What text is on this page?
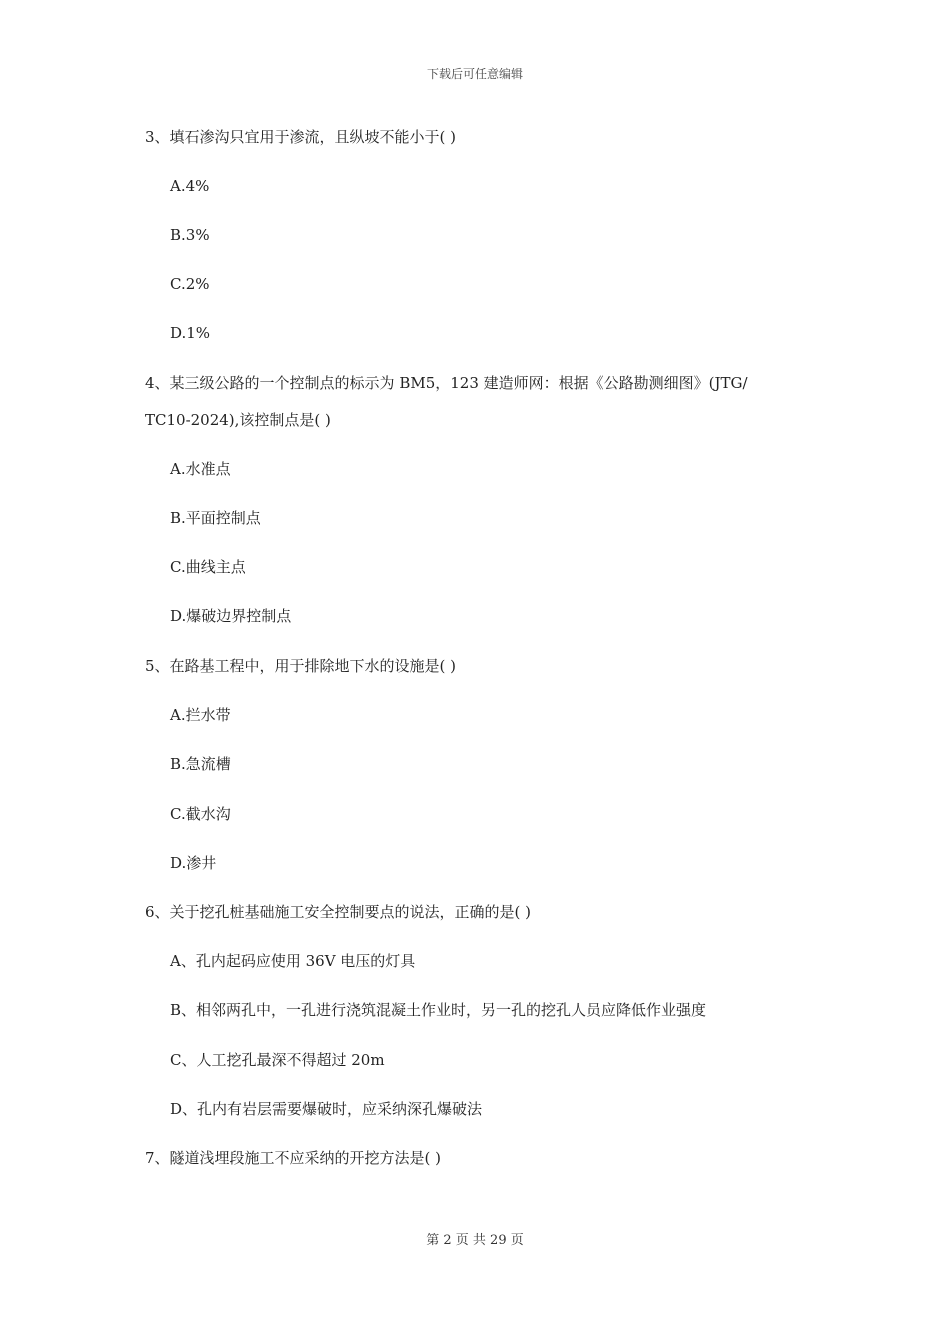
下载后可任意编辑
3、填石渗沟只宜用于渗流，且纵坡不能小于( )
A.4%
B.3%
C.2%
D.1%
4、某三级公路的一个控制点的标示为 BM5，123 建造师网：根据《公路勘测细图》(JTG/
TC10-2024),该控制点是( )
A.水准点
B.平面控制点
C.曲线主点
D.爆破边界控制点
5、在路基工程中，用于排除地下水的设施是( )
A.拦水带
B.急流槽
C.截水沟
D.渗井
6、关于挖孔桩基础施工安全控制要点的说法，正确的是( )
A、孔内起码应使用 36V 电压的灯具
B、相邻两孔中，一孔进行浇筑混凝土作业时，另一孔的挖孔人员应降低作业强度
C、人工挖孔最深不得超过 20m
D、孔内有岩层需要爆破时，应采纳深孔爆破法
7、隧道浅埋段施工不应采纳的开挖方法是( )
第 2 页 共 29 页
